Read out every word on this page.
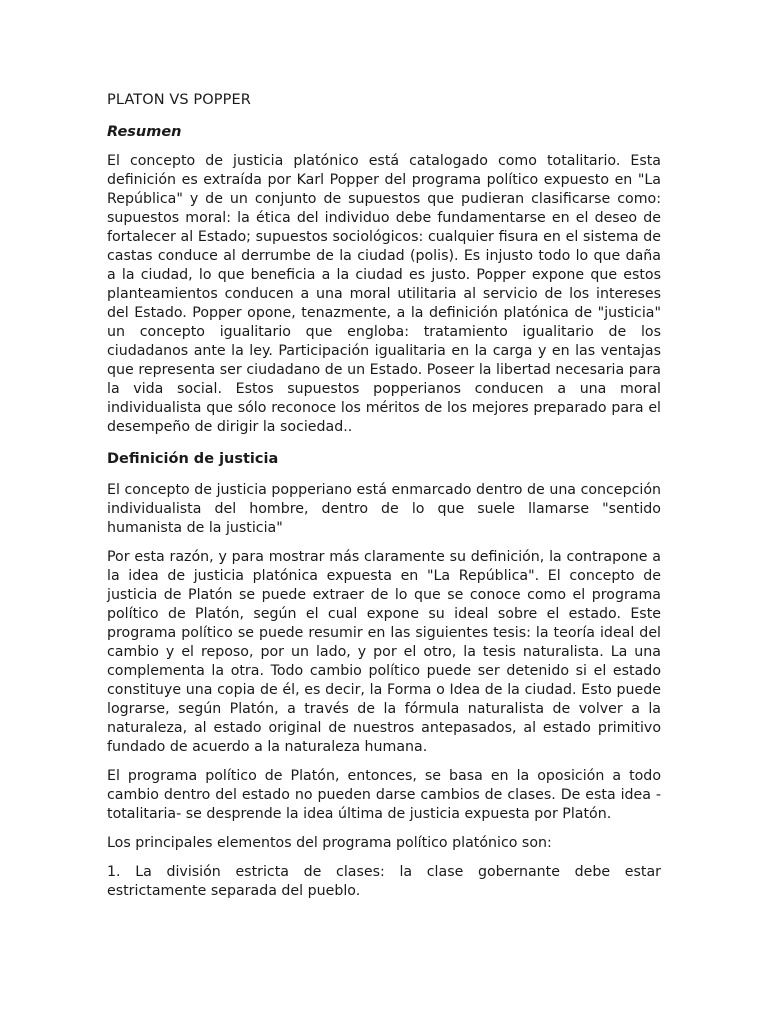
PLATON VS POPPER
Resumen

El concepto de justicia platónico está catalogado como totalitario. Esta definición es extraída por Karl Popper del programa político expuesto en "La República" y de un conjunto de supuestos que pudieran clasificarse como: supuestos moral: la ética del individuo debe fundamentarse en el deseo de fortalecer al Estado; supuestos sociológicos: cualquier fisura en el sistema de castas conduce al derrumbe de la ciudad (polis). Es injusto todo lo que daña a la ciudad, lo que beneficia a la ciudad es justo. Popper expone que estos planteamientos conducen a una moral utilitaria al servicio de los intereses del Estado. Popper opone, tenazmente, a la definición platónica de "justicia" un concepto igualitario que engloba: tratamiento igualitario de los ciudadanos ante la ley. Participación igualitaria en la carga y en las ventajas que representa ser ciudadano de un Estado. Poseer la libertad necesaria para la vida social. Estos supuestos popperianos conducen a una moral individualista que sólo reconoce los méritos de los mejores preparado para el desempeño de dirigir la sociedad..

Definición de justicia

El concepto de justicia popperiano está enmarcado dentro de una concepción individualista del hombre, dentro de lo que suele llamarse "sentido humanista de la justicia"

Por esta razón, y para mostrar más claramente su definición, la contrapone a la idea de justicia platónica expuesta en "La República". El concepto de justicia de Platón se puede extraer de lo que se conoce como el programa político de Platón, según el cual expone su ideal sobre el estado. Este programa político se puede resumir en las siguientes tesis: la teoría ideal del cambio y el reposo, por un lado, y por el otro, la tesis naturalista. La una complementa la otra. Todo cambio político puede ser detenido si el estado constituye una copia de él, es decir, la Forma o Idea de la ciudad. Esto puede lograrse, según Platón, a través de la fórmula naturalista de volver a la naturaleza, al estado original de nuestros antepasados, al estado primitivo fundado de acuerdo a la naturaleza humana.

El programa político de Platón, entonces, se basa en la oposición a todo cambio dentro del estado no pueden darse cambios de clases. De esta idea -totalitaria- se desprende la idea última de justicia expuesta por Platón.

Los principales elementos del programa político platónico son:

1. La división estricta de clases: la clase gobernante debe estar estrictamente separada del pueblo.
